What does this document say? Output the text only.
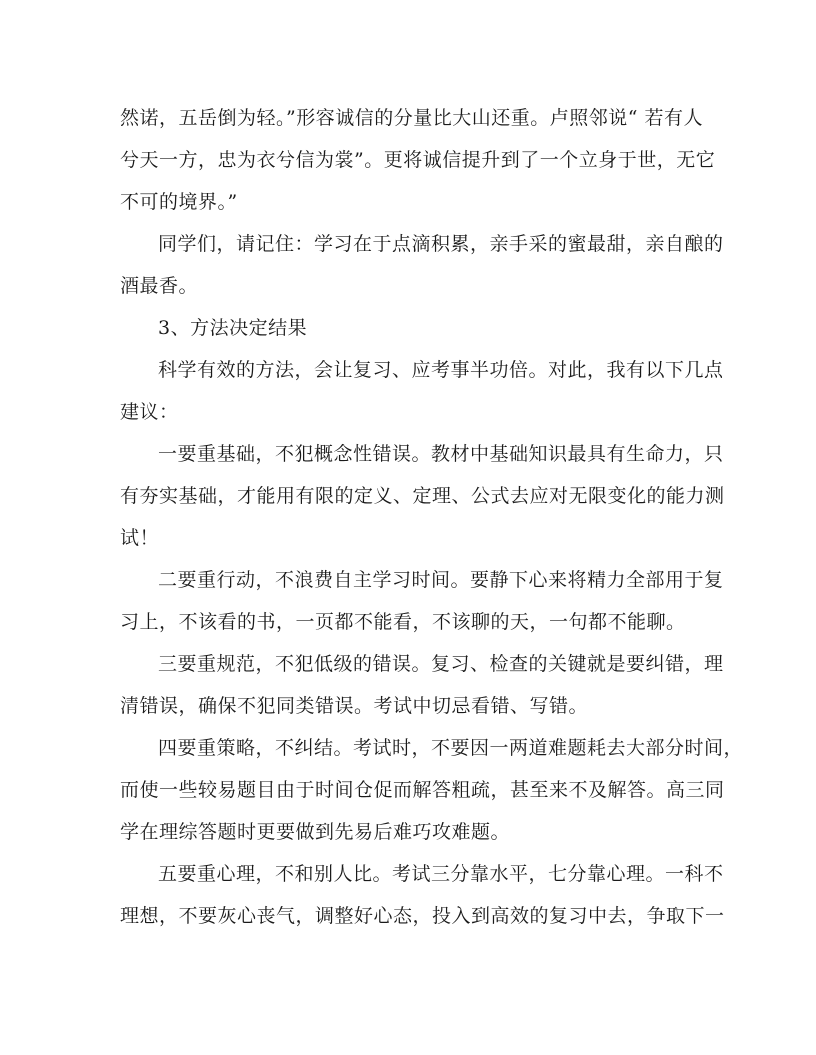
然诺，五岳倒为轻。”形容诚信的分量比大山还重。卢照邻说“ 若有人
兮天一方，忠为衣兮信为裳”。更将诚信提升到了一个立身于世，无它
不可的境界。”
同学们，请记住：学习在于点滴积累，亲手采的蜜最甜，亲自酿的
酒最香。
3、方法决定结果
科学有效的方法，会让复习、应考事半功倍。对此，我有以下几点
建议：
一要重基础，不犯概念性错误。教材中基础知识最具有生命力，只
有夯实基础，才能用有限的定义、定理、公式去应对无限变化的能力测
试！
二要重行动，不浪费自主学习时间。要静下心来将精力全部用于复
习上，不该看的书，一页都不能看，不该聊的天，一句都不能聊。
三要重规范，不犯低级的错误。复习、检查的关键就是要纠错，理
清错误，确保不犯同类错误。考试中切忌看错、写错。
四要重策略，不纠结。考试时，不要因一两道难题耗去大部分时间，
而使一些较易题目由于时间仓促而解答粗疏，甚至来不及解答。高三同
学在理综答题时更要做到先易后难巧攻难题。
五要重心理，不和别人比。考试三分靠水平，七分靠心理。一科不
理想，不要灰心丧气，调整好心态，投入到高效的复习中去，争取下一
